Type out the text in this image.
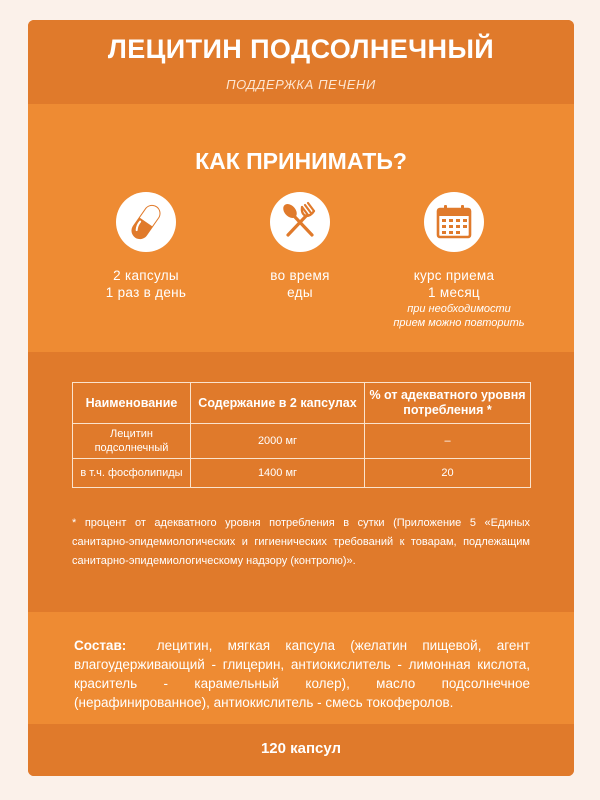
ЛЕЦИТИН ПОДСОЛНЕЧНЫЙ
ПОДДЕРЖКА ПЕЧЕНИ
КАК ПРИНИМАТЬ?
2 капсулы
1 раз в день
во время
еды
курс приема
1 месяц
при необходимости
прием можно повторить
Наименование	Содержание в 2 капсулах	% от адекватного уровня потребления *
Лецитин подсолнечный	2000 мг	–
в т.ч. фосфолипиды	1400 мг	20
* процент от адекватного уровня потребления в сутки (Приложение 5 «Единых санитарно-эпидемиологических и гигиенических требований к товарам, подлежащим санитарно-эпидемиологическому надзору (контролю)».
Состав: лецитин, мягкая капсула (желатин пищевой, агент влагоудерживающий - глицерин, антиокислитель - лимонная кислота, краситель - карамельный колер), масло подсолнечное (нерафинированное), антиокислитель - смесь токоферолов.
120 капсул
